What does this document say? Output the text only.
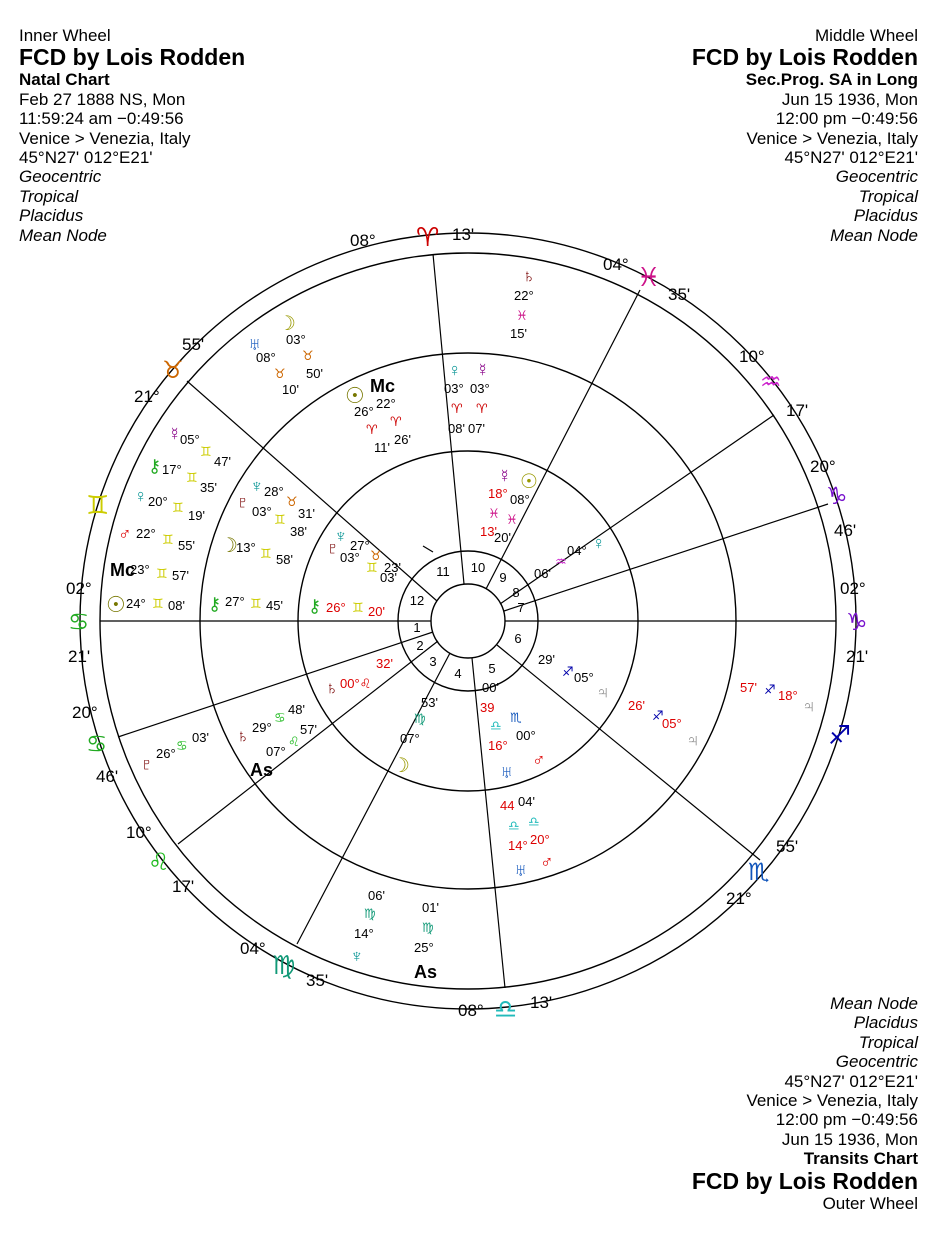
Inner Wheel
FCD by Lois Rodden
Natal Chart
Feb 27 1888 NS, Mon
11:59:24 am −0:49:56
Venice > Venezia, Italy
45°N27' 012°E21'
Geocentric
Tropical
Placidus
Mean Node
Middle Wheel
FCD by Lois Rodden
Sec.Prog. SA in Long
Jun 15 1936, Mon
12:00 pm −0:49:56
Venice > Venezia, Italy
45°N27' 012°E21'
Geocentric
Tropical
Placidus
Mean Node
Mean Node
Placidus
Tropical
Geocentric
45°N27' 012°E21'
Venice > Venezia, Italy
12:00 pm −0:49:56
Jun 15 1936, Mon
Transits Chart
FCD by Lois Rodden
Outer Wheel
1
2
3
4 5
6
7
8
9
10
11
12
08° ♈ 13'
08° ♎ 13'
02°
♋
21'
02°
♑
21'
04° ♓
35'
10°
♒
17'
20°
♑
46'
55'
♉
21°
♊
20°
♋
46'
10°
♌
17'
04°
♍
35'
♐
55'
♏
21°
♄ 00°♌
32'
53'
♍
07°
☽
00'
♏
00°
39
♎
16°
♅
♂
29'
♐ 05°
♃
04°
♒
06'
♀
☉
08°
♓
20'
☿
18°
♓
13'
♆ 27°
♊ 23'
♇ 03° ♉
03'
⚷ 26° ♊ 20'
☉ Mc
26°
22°
♈
♈
11'
26'
♀ ☿
03° 03°
♈ ♈
08' 07'
♆ 28°
♉
31'
♇ 03°
♊
38'
☽
13° ♊ 58'
⚷ 27° ♊ 45'
♄ 29°
♋
48'
07°
♌
57'
As
26'
♐
05°
♃
44 04'
♎ ♎
14° 20°
♅ ♂
♄
22°
♓
15'
♅
08°
♉
10'
☽
03°
♉
50'
☿
05°
♊
47'
⚷ 17°
♊
35'
♀ 20° ♊
19'
♂ 22° ♊ 55'
Mc
23° ♊ 57'
☉ 24° ♊ 08'
♇
26°
♋
03'
57' ♐ 18°
♃
06'
♍
14°
♆
01'
♍
25°
As
